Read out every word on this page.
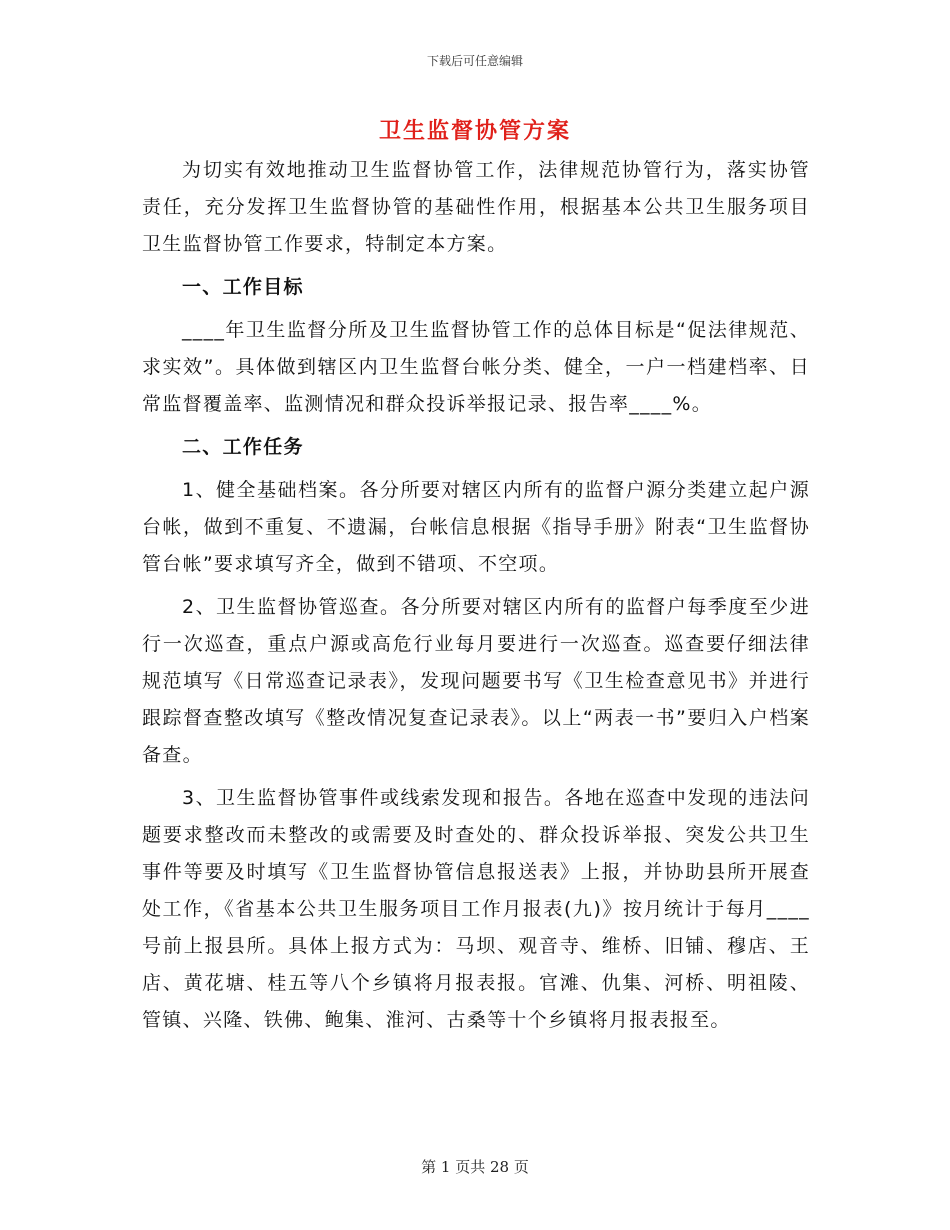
下载后可任意编辑
卫生监督协管方案

为切实有效地推动卫生监督协管工作，法律规范协管行为，落实协管责任，充分发挥卫生监督协管的基础性作用，根据基本公共卫生服务项目卫生监督协管工作要求，特制定本方案。

一、工作目标

____年卫生监督分所及卫生监督协管工作的总体目标是“促法律规范、求实效”。具体做到辖区内卫生监督台帐分类、健全，一户一档建档率、日常监督覆盖率、监测情况和群众投诉举报记录、报告率____%。

二、工作任务

1、健全基础档案。各分所要对辖区内所有的监督户源分类建立起户源台帐，做到不重复、不遗漏，台帐信息根据《指导手册》附表“卫生监督协管台帐”要求填写齐全，做到不错项、不空项。

2、卫生监督协管巡查。各分所要对辖区内所有的监督户每季度至少进行一次巡查，重点户源或高危行业每月要进行一次巡查。巡查要仔细法律规范填写《日常巡查记录表》，发现问题要书写《卫生检查意见书》并进行跟踪督查整改填写《整改情况复查记录表》。以上“两表一书”要归入户档案备查。

3、卫生监督协管事件或线索发现和报告。各地在巡查中发现的违法问题要求整改而未整改的或需要及时查处的、群众投诉举报、突发公共卫生事件等要及时填写《卫生监督协管信息报送表》上报，并协助县所开展查处工作，《省基本公共卫生服务项目工作月报表(九)》按月统计于每月____号前上报县所。具体上报方式为：马坝、观音寺、维桥、旧铺、穆店、王店、黄花塘、桂五等八个乡镇将月报表报。官滩、仇集、河桥、明祖陵、管镇、兴隆、铁佛、鲍集、淮河、古桑等十个乡镇将月报表报至。

第 1 页共 28 页
